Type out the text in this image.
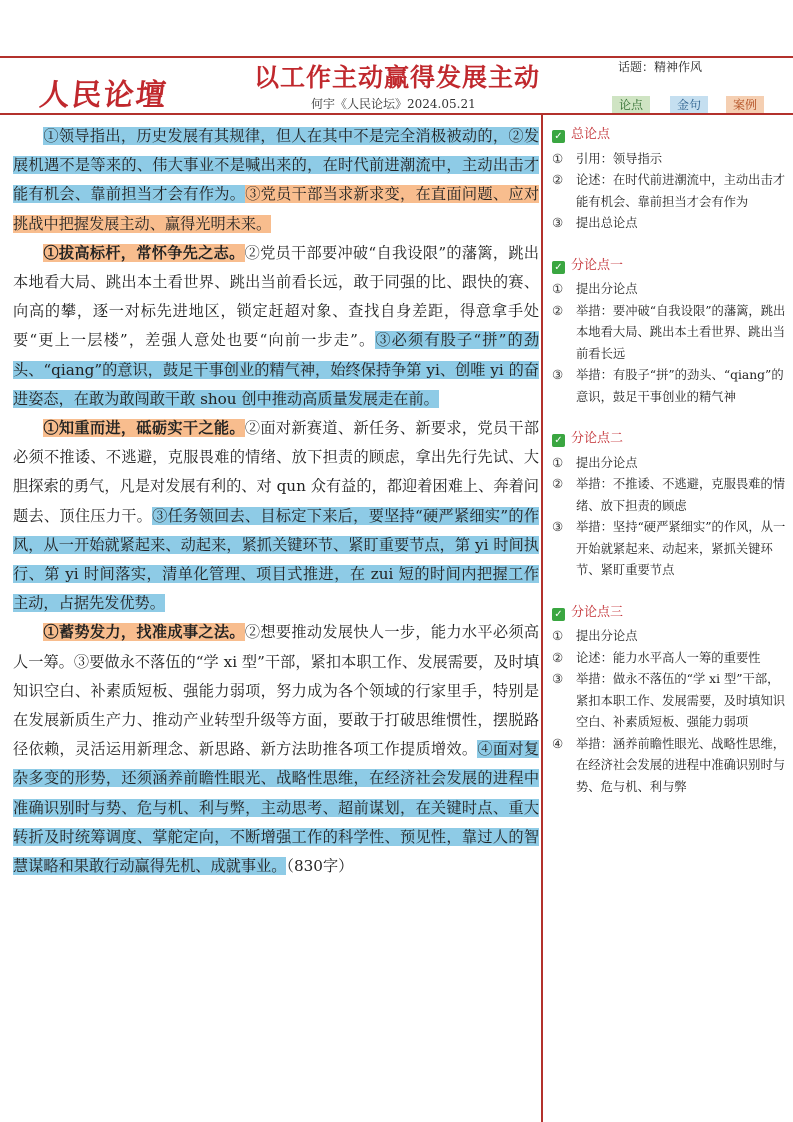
人民论壇
以工作主动赢得发展主动
何宇《人民论坛》2024.05.21
话题：精神作风
论点	金句	案例

①领导指出，历史发展有其规律，但人在其中不是完全消极被动的，②发展机遇不是等来的、伟大事业不是喊出来的，在时代前进潮流中，主动出击才能有机会、靠前担当才会有作为。③党员干部当求新求变，在直面问题、应对挑战中把握发展主动、赢得光明未来。

①拔高标杆，常怀争先之志。②党员干部要冲破“自我设限”的藩篱，跳出本地看大局、跳出本土看世界、跳出当前看长远，敢于同强的比、跟快的赛、向高的攀，逐一对标先进地区，锁定赶超对象、查找自身差距，得意拿手处要“更上一层楼”，差强人意处也要“向前一步走”。③必须有股子“拼”的劲头、“qiang”的意识，鼓足干事创业的精气神，始终保持争第 yi、创唯 yi 的奋进姿态，在敢为敢闯敢干敢 shou 创中推动高质量发展走在前。

①知重而进，砥砺实干之能。②面对新赛道、新任务、新要求，党员干部必须不推诿、不逃避，克服畏难的情绪、放下担责的顾虑，拿出先行先试、大胆探索的勇气，凡是对发展有利的、对 qun 众有益的，都迎着困难上、奔着问题去、顶住压力干。③任务领回去、目标定下来后，要坚持“硬严紧细实”的作风，从一开始就紧起来、动起来，紧抓关键环节、紧盯重要节点，第 yi 时间执行、第 yi 时间落实，清单化管理、项目式推进，在 zui 短的时间内把握工作主动，占据先发优势。

①蓄势发力，找准成事之法。②想要推动发展快人一步，能力水平必须高人一筹。③要做永不落伍的“学 xi 型”干部，紧扣本职工作、发展需要，及时填知识空白、补素质短板、强能力弱项，努力成为各个领域的行家里手，特别是在发展新质生产力、推动产业转型升级等方面，要敢于打破思维惯性，摆脱路径依赖，灵活运用新理念、新思路、新方法助推各项工作提质增效。④面对复杂多变的形势，还须涵养前瞻性眼光、战略性思维，在经济社会发展的进程中准确识别时与势、危与机、利与弊，主动思考、超前谋划，在关键时点、重大转折及时统筹调度、掌舵定向，不断增强工作的科学性、预见性，靠过人的智慧谋略和果敢行动赢得先机、成就事业。（830字）

✓ 总论点
① 引用：领导指示
② 论述：在时代前进潮流中，主动出击才能有机会、靠前担当才会有作为
③ 提出总论点
✓ 分论点一
① 提出分论点
② 举措：要冲破“自我设限”的藩篱，跳出本地看大局、跳出本土看世界、跳出当前看长远
③ 举措：有股子“拼”的劲头、“qiang”的意识，鼓足干事创业的精气神
✓ 分论点二
① 提出分论点
② 举措：不推诿、不逃避，克服畏难的情绪、放下担责的顾虑
③ 举措：坚持“硬严紧细实”的作风，从一开始就紧起来、动起来，紧抓关键环节、紧盯重要节点
✓ 分论点三
① 提出分论点
② 论述：能力水平高人一筹的重要性
③ 举措：做永不落伍的“学 xi 型”干部，紧扣本职工作、发展需要，及时填知识空白、补素质短板、强能力弱项
④ 举措：涵养前瞻性眼光、战略性思维，在经济社会发展的进程中准确识别时与势、危与机、利与弊
